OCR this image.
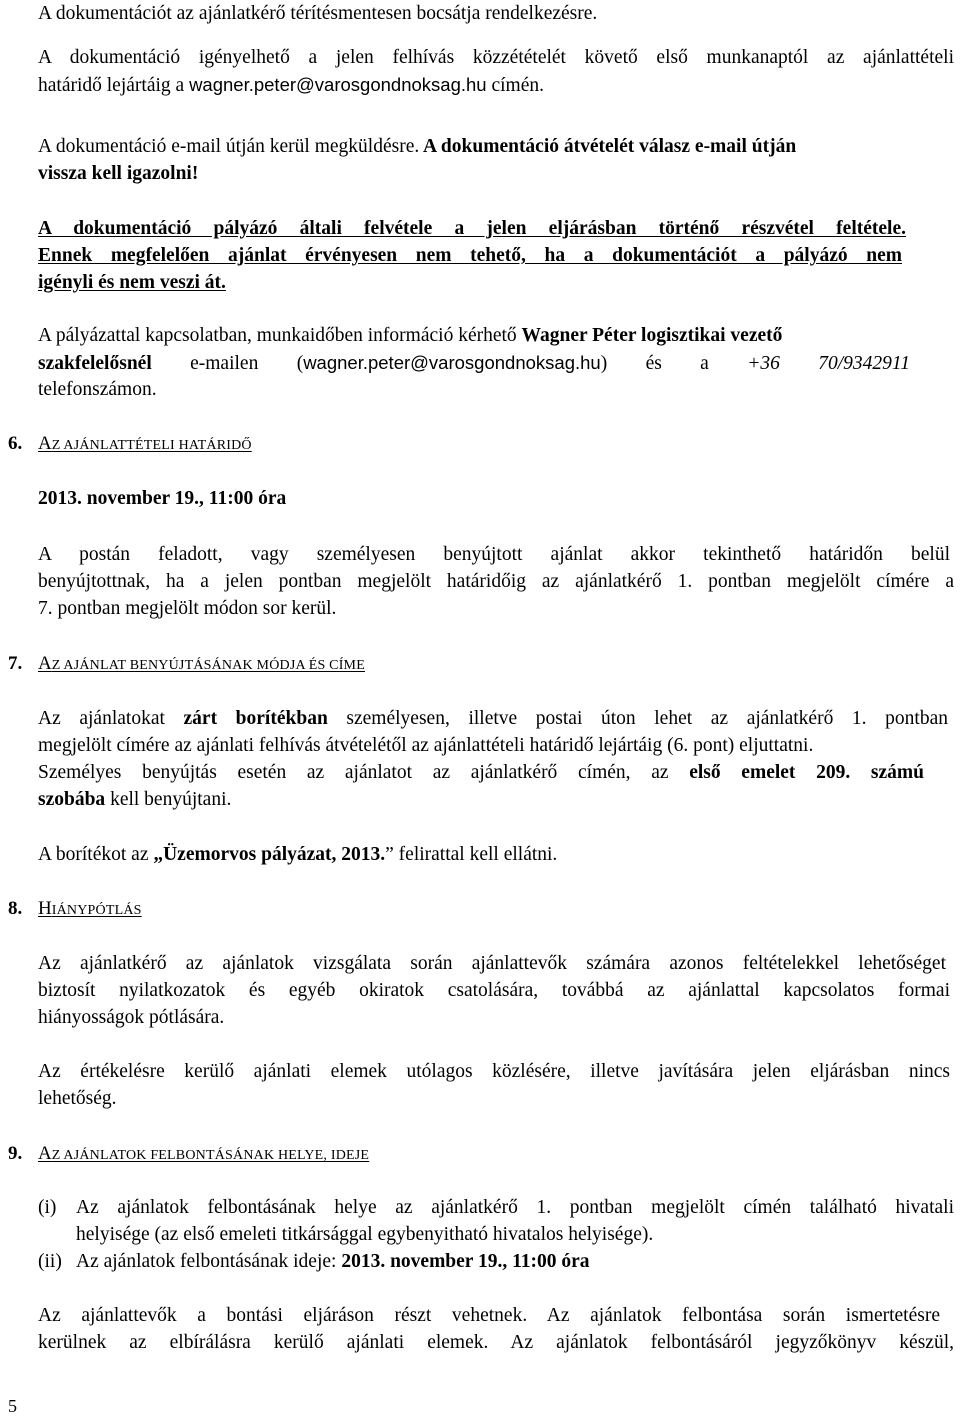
A dokumentációt az ajánlatkérő térítésmentesen bocsátja rendelkezésre.

A dokumentáció igényelhető a jelen felhívás közzétételét követő első munkanaptól az ajánlattételi

határidő lejártáig a wagner.peter@varosgondnoksag.hu címén.

A dokumentáció e-mail útján kerül megküldésre. A dokumentáció átvételét válasz e-mail útján

vissza kell igazolni!

A dokumentáció pályázó általi felvétele a jelen eljárásban történő részvétel feltétele.

Ennek megfelelően ajánlat érvényesen nem tehető, ha a dokumentációt a pályázó nem

igényli és nem veszi át.

A pályázattal kapcsolatban, munkaidőben információ kérhető Wagner Péter logisztikai vezető

szakfelelősnél e-mailen (wagner.peter@varosgondnoksag.hu) és a +36 70/9342911

telefonszámon.

6. AZ AJÁNLATTÉTELI HATÁRIDŐ

2013. november 19., 11:00 óra

A postán feladott, vagy személyesen benyújtott ajánlat akkor tekinthető határidőn belül

benyújtottnak, ha a jelen pontban megjelölt határidőig az ajánlatkérő 1. pontban megjelölt címére a

7. pontban megjelölt módon sor kerül.

7. AZ AJÁNLAT BENYÚJTÁSÁNAK MÓDJA ÉS CÍME

Az ajánlatokat zárt borítékban személyesen, illetve postai úton lehet az ajánlatkérő 1. pontban

megjelölt címére az ajánlati felhívás átvételétől az ajánlattételi határidő lejártáig (6. pont) eljuttatni.

Személyes benyújtás esetén az ajánlatot az ajánlatkérő címén, az első emelet 209. számú

szobába kell benyújtani.

A borítékot az „Üzemorvos pályázat, 2013.” felirattal kell ellátni.

8. HIÁNYPÓTLÁS

Az ajánlatkérő az ajánlatok vizsgálata során ajánlattevők számára azonos feltételekkel lehetőséget

biztosít nyilatkozatok és egyéb okiratok csatolására, továbbá az ajánlattal kapcsolatos formai

hiányosságok pótlására.

Az értékelésre kerülő ajánlati elemek utólagos közlésére, illetve javítására jelen eljárásban nincs

lehetőség.

9. AZ AJÁNLATOK FELBONTÁSÁNAK HELYE, IDEJE
(i) Az ajánlatok felbontásának helye az ajánlatkérő 1. pontban megjelölt címén található hivatali
helyisége (az első emeleti titkársággal egybenyitható hivatalos helyisége).
(ii) Az ajánlatok felbontásának ideje: 2013. november 19., 11:00 óra

Az ajánlattevők a bontási eljáráson részt vehetnek. Az ajánlatok felbontása során ismertetésre

kerülnek az elbírálásra kerülő ajánlati elemek. Az ajánlatok felbontásáról jegyzőkönyv készül,

5
